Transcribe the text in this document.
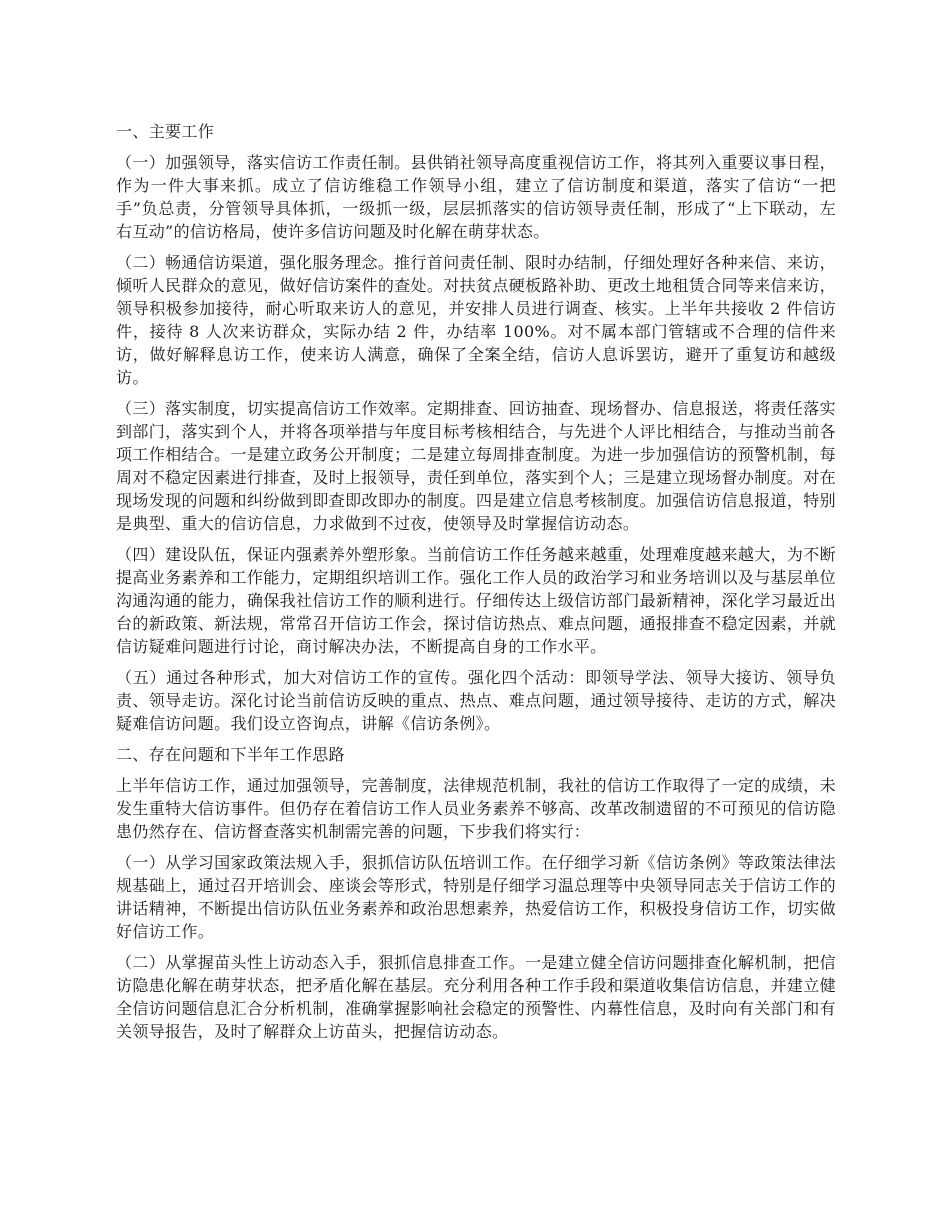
一、主要工作

（一）加强领导，落实信访工作责任制。县供销社领导高度重视信访工作，将其列入重要议事日程，作为一件大事来抓。成立了信访维稳工作领导小组，建立了信访制度和渠道，落实了信访“一把手”负总责，分管领导具体抓，一级抓一级，层层抓落实的信访领导责任制，形成了“上下联动，左右互动”的信访格局，使许多信访问题及时化解在萌芽状态。

（二）畅通信访渠道，强化服务理念。推行首问责任制、限时办结制，仔细处理好各种来信、来访，倾听人民群众的意见，做好信访案件的查处。对扶贫点硬板路补助、更改土地租赁合同等来信来访，领导积极参加接待，耐心听取来访人的意见，并安排人员进行调查、核实。上半年共接收 2 件信访件，接待 8 人次来访群众，实际办结 2 件，办结率 100%。对不属本部门管辖或不合理的信件来访，做好解释息访工作，使来访人满意，确保了全案全结，信访人息诉罢访，避开了重复访和越级访。

（三）落实制度，切实提高信访工作效率。定期排查、回访抽查、现场督办、信息报送，将责任落实到部门，落实到个人，并将各项举措与年度目标考核相结合，与先进个人评比相结合，与推动当前各项工作相结合。一是建立政务公开制度；二是建立每周排查制度。为进一步加强信访的预警机制，每周对不稳定因素进行排查，及时上报领导，责任到单位，落实到个人；三是建立现场督办制度。对在现场发现的问题和纠纷做到即查即改即办的制度。四是建立信息考核制度。加强信访信息报道，特别是典型、重大的信访信息，力求做到不过夜，使领导及时掌握信访动态。

（四）建设队伍，保证内强素养外塑形象。当前信访工作任务越来越重，处理难度越来越大，为不断提高业务素养和工作能力，定期组织培训工作。强化工作人员的政治学习和业务培训以及与基层单位沟通沟通的能力，确保我社信访工作的顺利进行。仔细传达上级信访部门最新精神，深化学习最近出台的新政策、新法规，常常召开信访工作会，探讨信访热点、难点问题，通报排查不稳定因素，并就信访疑难问题进行讨论，商讨解决办法，不断提高自身的工作水平。

（五）通过各种形式，加大对信访工作的宣传。强化四个活动：即领导学法、领导大接访、领导负责、领导走访。深化讨论当前信访反映的重点、热点、难点问题，通过领导接待、走访的方式，解决疑难信访问题。我们设立咨询点，讲解《信访条例》。

二、存在问题和下半年工作思路

上半年信访工作，通过加强领导，完善制度，法律规范机制，我社的信访工作取得了一定的成绩，未发生重特大信访事件。但仍存在着信访工作人员业务素养不够高、改革改制遗留的不可预见的信访隐患仍然存在、信访督查落实机制需完善的问题，下步我们将实行：

（一）从学习国家政策法规入手，狠抓信访队伍培训工作。在仔细学习新《信访条例》等政策法律法规基础上，通过召开培训会、座谈会等形式，特别是仔细学习温总理等中央领导同志关于信访工作的讲话精神，不断提出信访队伍业务素养和政治思想素养，热爱信访工作，积极投身信访工作，切实做好信访工作。

（二）从掌握苗头性上访动态入手，狠抓信息排查工作。一是建立健全信访问题排查化解机制，把信访隐患化解在萌芽状态，把矛盾化解在基层。充分利用各种工作手段和渠道收集信访信息，并建立健全信访问题信息汇合分析机制，准确掌握影响社会稳定的预警性、内幕性信息，及时向有关部门和有关领导报告，及时了解群众上访苗头，把握信访动态。
